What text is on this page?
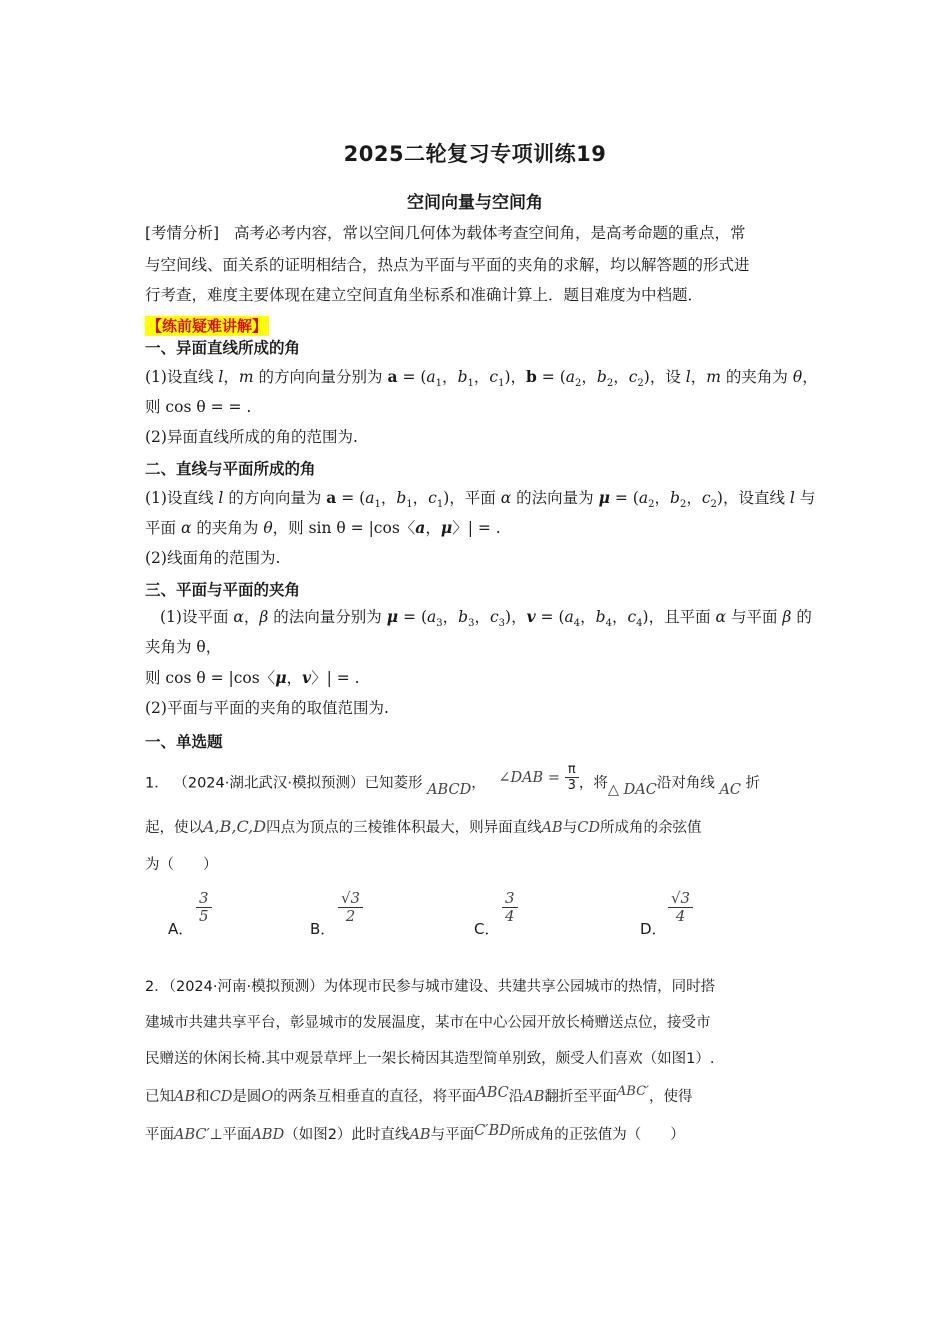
2025二轮复习专项训练19
空间向量与空间角
[考情分析] 高考必考内容，常以空间几何体为载体考查空间角，是高考命题的重点，常
与空间线、面关系的证明相结合，热点为平面与平面的夹角的求解，均以解答题的形式进
行考查，难度主要体现在建立空间直角坐标系和准确计算上．题目难度为中档题．
【练前疑难讲解】
一、异面直线所成的角
(1)设直线 l，m 的方向向量分别为 $a = (a_1$，$b_1$，$c_1$)，$b = (a_2$，$b_2$，$c_2$)，设 l，m 的夹角为 θ，
则 cos θ = = .
(2)异面直线所成的角的范围为.
二、直线与平面所成的角
(1)设直线 l 的方向向量为 $a = (a_1$，$b_1$，$c_1$)，平面 α 的法向量为 $\mu = (a_2$，$b_2$，$c_2$)，设直线 l 与
平面 α 的夹角为 θ，则 sin θ = |cos〈a，μ〉| = .
(2)线面角的范围为.
三、平面与平面的夹角
(1)设平面 α，β 的法向量分别为 $\mu = (a_3$，$b_3$，$c_3$)，$v = (a_4$，$b_4$，$c_4$)，且平面 α 与平面 β 的
夹角为 θ，
则 cos θ = |cos〈μ，v〉| = .
(2)平面与平面的夹角的取值范围为.
一、单选题
1． （2024·湖北武汉·模拟预测）已知菱形 ABCD， ∠DAB = $\frac{\pi}{3}$ ，将△ DAC沿对角线 AC 折
起，使以A,B,C,D四点为顶点的三棱锥体积最大，则异面直线AB与CD所成角的余弦值
为（　　）
A．
$\frac{3}{5}$
B．
$\frac{√3}{2}$
C．
$\frac{3}{4}$
D．
$\frac{√3}{4}$
2．（2024·河南·模拟预测）为体现市民参与城市建设、共建共享公园城市的热情，同时搭
建城市共建共享平台，彰显城市的发展温度，某市在中心公园开放长椅赠送点位，接受市
民赠送的休闲长椅.其中观景草坪上一架长椅因其造型简单别致，颇受人们喜欢（如图1）.
已知AB和CD是圆O的两条互相垂直的直径，将平面ABC沿AB翻折至平面ABC′，使得
平面ABC′⊥平面ABD（如图2）此时直线AB与平面C′BD所成角的正弦值为（　　）
